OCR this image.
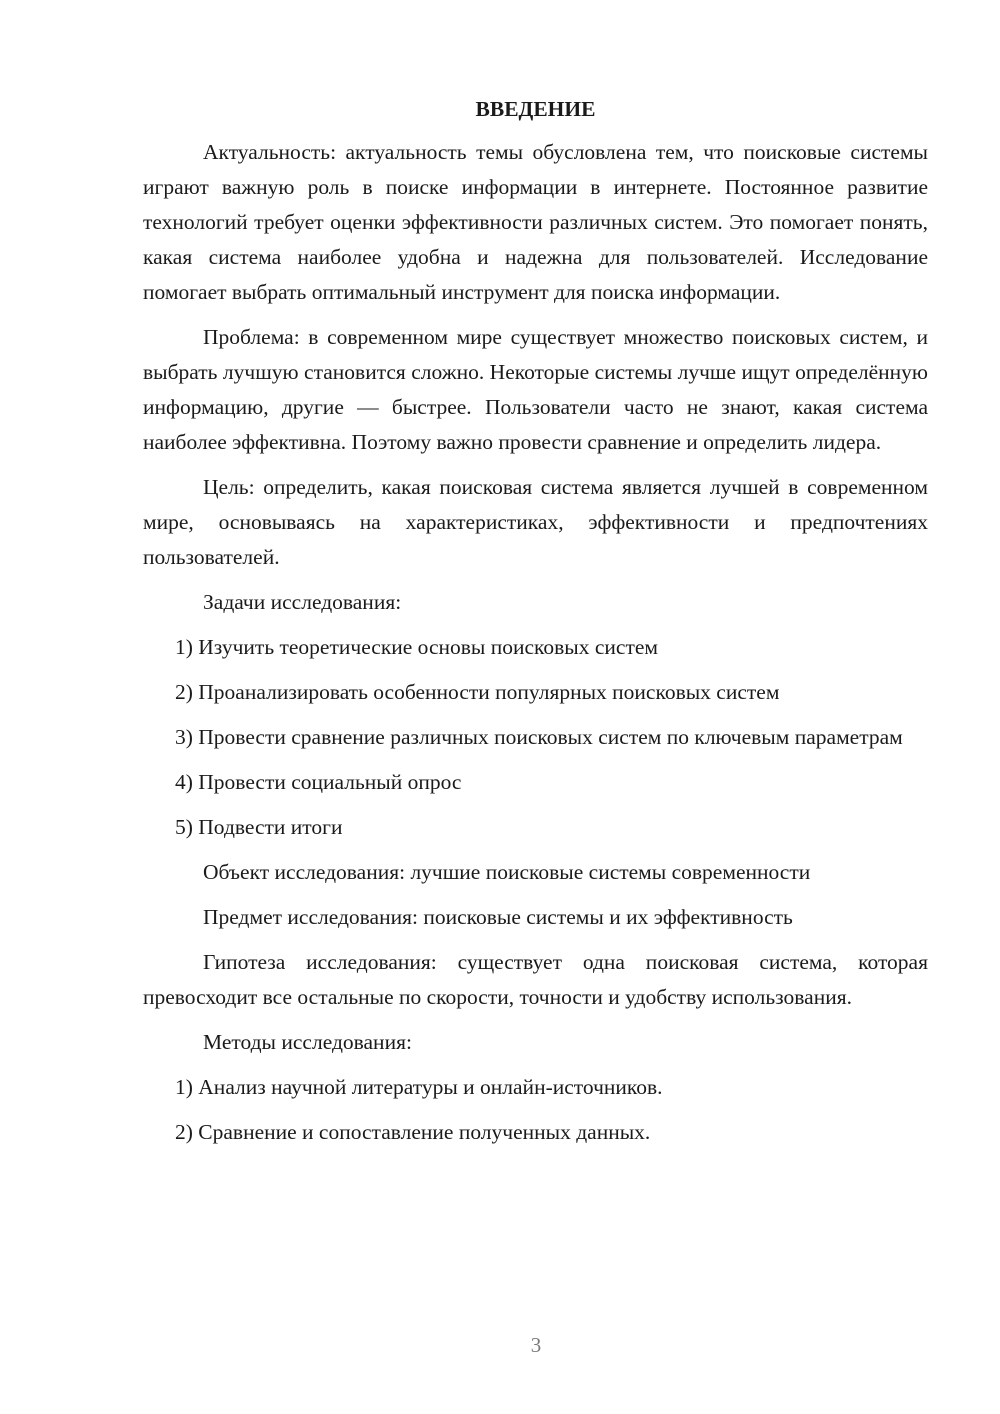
ВВЕДЕНИЕ

Актуальность: актуальность темы обусловлена тем, что поисковые системы играют важную роль в поиске информации в интернете. Постоянное развитие технологий требует оценки эффективности различных систем. Это помогает понять, какая система наиболее удобна и надежна для пользователей. Исследование помогает выбрать оптимальный инструмент для поиска информации.

Проблема: в современном мире существует множество поисковых систем, и выбрать лучшую становится сложно. Некоторые системы лучше ищут определённую информацию, другие — быстрее. Пользователи часто не знают, какая система наиболее эффективна. Поэтому важно провести сравнение и определить лидера.

Цель: определить, какая поисковая система является лучшей в современном мире, основываясь на характеристиках, эффективности и предпочтениях пользователей.

Задачи исследования:

1) Изучить теоретические основы поисковых систем

2) Проанализировать особенности популярных поисковых систем

3) Провести сравнение различных поисковых систем по ключевым параметрам

4) Провести социальный опрос

5) Подвести итоги

Объект исследования: лучшие поисковые системы современности

Предмет исследования: поисковые системы и их эффективность

Гипотеза исследования: существует одна поисковая система, которая превосходит все остальные по скорости, точности и удобству использования.

Методы исследования:

1) Анализ научной литературы и онлайн-источников.

2) Сравнение и сопоставление полученных данных.

3
